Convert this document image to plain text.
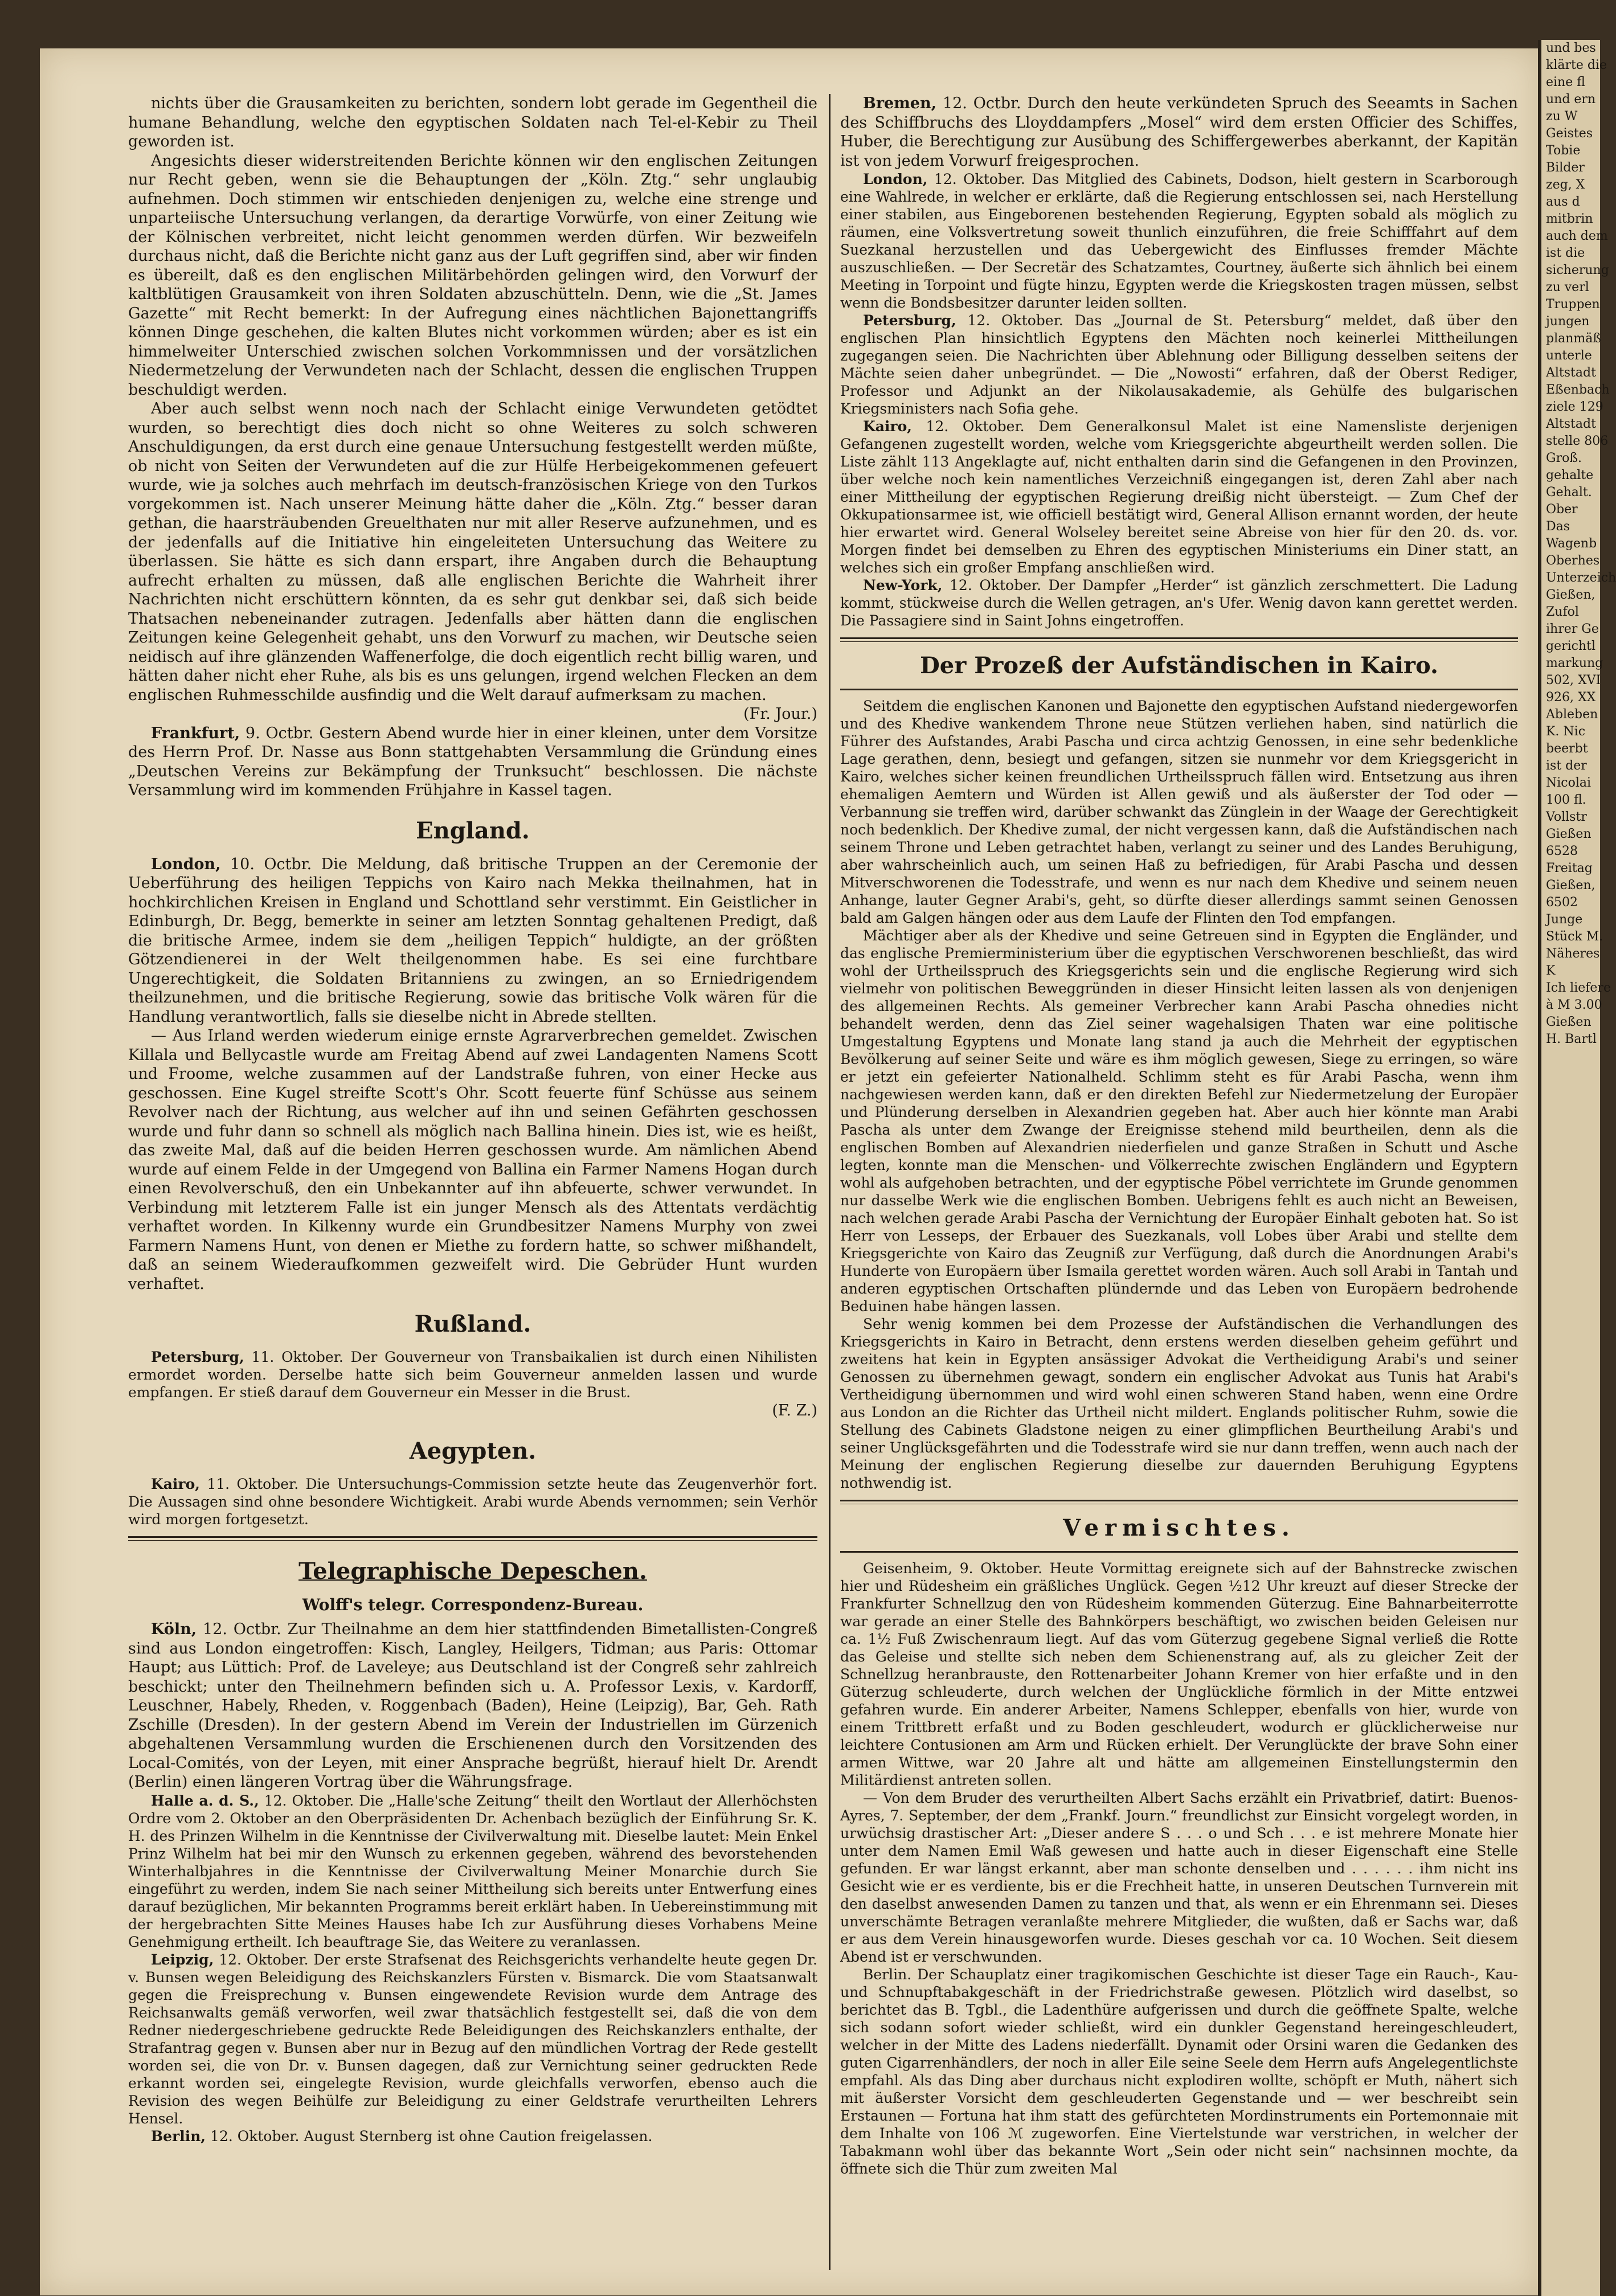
und bes
klärte die
eine fl
und ern
zu W
Geistes
Tobie
Bilder
zeg, X
aus d
mitbrin
auch dem
ist die
sicherung
zu verl
Truppen
jungen
planmäß
unterle
Altstadt
Eßenbach
ziele 129
Altstadt
stelle 806
Groß.
gehalte
Gehalt.
Ober
Das
Wagenb
Oberhes
Unterzeich
Gießen,
Zufol
ihrer Ge
gerichtl
markung
502, XVI
926, XX
Ableben
K. Nic
beerbt
ist der
Nicolai
100 fl.
Vollstr
Gießen
6528
Freitag
Gießen,
6502
Junge
Stück M.
Näheres
K
Ich liefere
à M 3.00
Gießen
H. Bartl

nichts über die Grausamkeiten zu berichten, sondern lobt gerade im Gegentheil die humane Behandlung, welche den egyptischen Soldaten nach Tel-el-Kebir zu Theil geworden ist.

Angesichts dieser widerstreitenden Berichte können wir den englischen Zeitungen nur Recht geben, wenn sie die Behauptungen der „Köln. Ztg.“ sehr unglaubig aufnehmen. Doch stimmen wir entschieden denjenigen zu, welche eine strenge und unparteiische Untersuchung verlangen, da derartige Vorwürfe, von einer Zeitung wie der Kölnischen verbreitet, nicht leicht genommen werden dürfen. Wir bezweifeln durchaus nicht, daß die Berichte nicht ganz aus der Luft gegriffen sind, aber wir finden es übereilt, daß es den englischen Militärbehörden gelingen wird, den Vorwurf der kaltblütigen Grausamkeit von ihren Soldaten abzuschütteln. Denn, wie die „St. James Gazette“ mit Recht bemerkt: In der Aufregung eines nächtlichen Bajonettangriffs können Dinge geschehen, die kalten Blutes nicht vorkommen würden; aber es ist ein himmelweiter Unterschied zwischen solchen Vorkommnissen und der vorsätzlichen Niedermetzelung der Verwundeten nach der Schlacht, dessen die englischen Truppen beschuldigt werden.

Aber auch selbst wenn noch nach der Schlacht einige Verwundeten getödtet wurden, so berechtigt dies doch nicht so ohne Weiteres zu solch schweren Anschuldigungen, da erst durch eine genaue Untersuchung festgestellt werden müßte, ob nicht von Seiten der Verwundeten auf die zur Hülfe Herbeigekommenen gefeuert wurde, wie ja solches auch mehrfach im deutsch-französischen Kriege von den Turkos vorgekommen ist. Nach unserer Meinung hätte daher die „Köln. Ztg.“ besser daran gethan, die haarsträubenden Greuelthaten nur mit aller Reserve aufzunehmen, und es der jedenfalls auf die Initiative hin eingeleiteten Untersuchung das Weitere zu überlassen. Sie hätte es sich dann erspart, ihre Angaben durch die Behauptung aufrecht erhalten zu müssen, daß alle englischen Berichte die Wahrheit ihrer Nachrichten nicht erschüttern könnten, da es sehr gut denkbar sei, daß sich beide Thatsachen nebeneinander zutragen. Jedenfalls aber hätten dann die englischen Zeitungen keine Gelegenheit gehabt, uns den Vorwurf zu machen, wir Deutsche seien neidisch auf ihre glänzenden Waffenerfolge, die doch eigentlich recht billig waren, und hätten daher nicht eher Ruhe, als bis es uns gelungen, irgend welchen Flecken an dem englischen Ruhmesschilde ausfindig und die Welt darauf aufmerksam zu machen.

(Fr. Jour.)

Frankfurt, 9. Octbr. Gestern Abend wurde hier in einer kleinen, unter dem Vorsitze des Herrn Prof. Dr. Nasse aus Bonn stattgehabten Versammlung die Gründung eines „Deutschen Vereins zur Bekämpfung der Trunksucht“ beschlossen. Die nächste Versammlung wird im kommenden Frühjahre in Kassel tagen.

England.

London, 10. Octbr. Die Meldung, daß britische Truppen an der Ceremonie der Ueberführung des heiligen Teppichs von Kairo nach Mekka theilnahmen, hat in hochkirchlichen Kreisen in England und Schottland sehr verstimmt. Ein Geistlicher in Edinburgh, Dr. Begg, bemerkte in seiner am letzten Sonntag gehaltenen Predigt, daß die britische Armee, indem sie dem „heiligen Teppich“ huldigte, an der größten Götzendienerei in der Welt theilgenommen habe. Es sei eine furchtbare Ungerechtigkeit, die Soldaten Britanniens zu zwingen, an so Erniedrigendem theilzunehmen, und die britische Regierung, sowie das britische Volk wären für die Handlung verantwortlich, falls sie dieselbe nicht in Abrede stellten.

— Aus Irland werden wiederum einige ernste Agrarverbrechen gemeldet. Zwischen Killala und Bellycastle wurde am Freitag Abend auf zwei Landagenten Namens Scott und Froome, welche zusammen auf der Landstraße fuhren, von einer Hecke aus geschossen. Eine Kugel streifte Scott's Ohr. Scott feuerte fünf Schüsse aus seinem Revolver nach der Richtung, aus welcher auf ihn und seinen Gefährten geschossen wurde und fuhr dann so schnell als möglich nach Ballina hinein. Dies ist, wie es heißt, das zweite Mal, daß auf die beiden Herren geschossen wurde. Am nämlichen Abend wurde auf einem Felde in der Umgegend von Ballina ein Farmer Namens Hogan durch einen Revolverschuß, den ein Unbekannter auf ihn abfeuerte, schwer verwundet. In Verbindung mit letzterem Falle ist ein junger Mensch als des Attentats verdächtig verhaftet worden. In Kilkenny wurde ein Grundbesitzer Namens Murphy von zwei Farmern Namens Hunt, von denen er Miethe zu fordern hatte, so schwer mißhandelt, daß an seinem Wiederaufkommen gezweifelt wird. Die Gebrüder Hunt wurden verhaftet.

Rußland.

Petersburg, 11. Oktober. Der Gouverneur von Transbaikalien ist durch einen Nihilisten ermordet worden. Derselbe hatte sich beim Gouverneur anmelden lassen und wurde empfangen. Er stieß darauf dem Gouverneur ein Messer in die Brust.

(F. Z.)
Aegypten.

Kairo, 11. Oktober. Die Untersuchungs-Commission setzte heute das Zeugenverhör fort. Die Aussagen sind ohne besondere Wichtigkeit. Arabi wurde Abends vernommen; sein Verhör wird morgen fortgesetzt.

Telegraphische Depeschen.
Wolff's telegr. Correspondenz-Bureau.

Köln, 12. Octbr. Zur Theilnahme an dem hier stattfindenden Bimetallisten-Congreß sind aus London eingetroffen: Kisch, Langley, Heilgers, Tidman; aus Paris: Ottomar Haupt; aus Lüttich: Prof. de Laveleye; aus Deutschland ist der Congreß sehr zahlreich beschickt; unter den Theilnehmern befinden sich u. A. Professor Lexis, v. Kardorff, Leuschner, Habely, Rheden, v. Roggenbach (Baden), Heine (Leipzig), Bar, Geh. Rath Zschille (Dresden). In der gestern Abend im Verein der Industriellen im Gürzenich abgehaltenen Versammlung wurden die Erschienenen durch den Vorsitzenden des Local-Comités, von der Leyen, mit einer Ansprache begrüßt, hierauf hielt Dr. Arendt (Berlin) einen längeren Vortrag über die Währungsfrage.

Halle a. d. S., 12. Oktober. Die „Halle'sche Zeitung“ theilt den Wortlaut der Allerhöchsten Ordre vom 2. Oktober an den Oberpräsidenten Dr. Achenbach bezüglich der Einführung Sr. K. H. des Prinzen Wilhelm in die Kenntnisse der Civilverwaltung mit. Dieselbe lautet: Mein Enkel Prinz Wilhelm hat bei mir den Wunsch zu erkennen gegeben, während des bevorstehenden Winterhalbjahres in die Kenntnisse der Civilverwaltung Meiner Monarchie durch Sie eingeführt zu werden, indem Sie nach seiner Mittheilung sich bereits unter Entwerfung eines darauf bezüglichen, Mir bekannten Programms bereit erklärt haben. In Uebereinstimmung mit der hergebrachten Sitte Meines Hauses habe Ich zur Ausführung dieses Vorhabens Meine Genehmigung ertheilt. Ich beauftrage Sie, das Weitere zu veranlassen.

Leipzig, 12. Oktober. Der erste Strafsenat des Reichsgerichts verhandelte heute gegen Dr. v. Bunsen wegen Beleidigung des Reichskanzlers Fürsten v. Bismarck. Die vom Staatsanwalt gegen die Freisprechung v. Bunsen eingewendete Revision wurde dem Antrage des Reichsanwalts gemäß verworfen, weil zwar thatsächlich festgestellt sei, daß die von dem Redner niedergeschriebene gedruckte Rede Beleidigungen des Reichskanzlers enthalte, der Strafantrag gegen v. Bunsen aber nur in Bezug auf den mündlichen Vortrag der Rede gestellt worden sei, die von Dr. v. Bunsen dagegen, daß zur Vernichtung seiner gedruckten Rede erkannt worden sei, eingelegte Revision, wurde gleichfalls verworfen, ebenso auch die Revision des wegen Beihülfe zur Beleidigung zu einer Geldstrafe verurtheilten Lehrers Hensel.

Berlin, 12. Oktober. August Sternberg ist ohne Caution freigelassen.

Bremen, 12. Octbr. Durch den heute verkündeten Spruch des Seeamts in Sachen des Schiffbruchs des Lloyddampfers „Mosel“ wird dem ersten Officier des Schiffes, Huber, die Berechtigung zur Ausübung des Schiffergewerbes aberkannt, der Kapitän ist von jedem Vorwurf freigesprochen.

London, 12. Oktober. Das Mitglied des Cabinets, Dodson, hielt gestern in Scarborough eine Wahlrede, in welcher er erklärte, daß die Regierung entschlossen sei, nach Herstellung einer stabilen, aus Eingeborenen bestehenden Regierung, Egypten sobald als möglich zu räumen, eine Volksvertretung soweit thunlich einzuführen, die freie Schifffahrt auf dem Suezkanal herzustellen und das Uebergewicht des Einflusses fremder Mächte auszuschließen. — Der Secretär des Schatzamtes, Courtney, äußerte sich ähnlich bei einem Meeting in Torpoint und fügte hinzu, Egypten werde die Kriegskosten tragen müssen, selbst wenn die Bondsbesitzer darunter leiden sollten.

Petersburg, 12. Oktober. Das „Journal de St. Petersburg“ meldet, daß über den englischen Plan hinsichtlich Egyptens den Mächten noch keinerlei Mittheilungen zugegangen seien. Die Nachrichten über Ablehnung oder Billigung desselben seitens der Mächte seien daher unbegründet. — Die „Nowosti“ erfahren, daß der Oberst Rediger, Professor und Adjunkt an der Nikolausakademie, als Gehülfe des bulgarischen Kriegsministers nach Sofia gehe.

Kairo, 12. Oktober. Dem Generalkonsul Malet ist eine Namensliste derjenigen Gefangenen zugestellt worden, welche vom Kriegsgerichte abgeurtheilt werden sollen. Die Liste zählt 113 Angeklagte auf, nicht enthalten darin sind die Gefangenen in den Provinzen, über welche noch kein namentliches Verzeichniß eingegangen ist, deren Zahl aber nach einer Mittheilung der egyptischen Regierung dreißig nicht übersteigt. — Zum Chef der Okkupationsarmee ist, wie officiell bestätigt wird, General Allison ernannt worden, der heute hier erwartet wird. General Wolseley bereitet seine Abreise von hier für den 20. ds. vor. Morgen findet bei demselben zu Ehren des egyptischen Ministeriums ein Diner statt, an welches sich ein großer Empfang anschließen wird.

New-York, 12. Oktober. Der Dampfer „Herder“ ist gänzlich zerschmettert. Die Ladung kommt, stückweise durch die Wellen getragen, an's Ufer. Wenig davon kann gerettet werden. Die Passagiere sind in Saint Johns eingetroffen.

Der Prozeß der Aufständischen in Kairo.

Seitdem die englischen Kanonen und Bajonette den egyptischen Aufstand niedergeworfen und des Khedive wankendem Throne neue Stützen verliehen haben, sind natürlich die Führer des Aufstandes, Arabi Pascha und circa achtzig Genossen, in eine sehr bedenkliche Lage gerathen, denn, besiegt und gefangen, sitzen sie nunmehr vor dem Kriegsgericht in Kairo, welches sicher keinen freundlichen Urtheilsspruch fällen wird. Entsetzung aus ihren ehemaligen Aemtern und Würden ist Allen gewiß und als äußerster der Tod oder — Verbannung sie treffen wird, darüber schwankt das Zünglein in der Waage der Gerechtigkeit noch bedenklich. Der Khedive zumal, der nicht vergessen kann, daß die Aufständischen nach seinem Throne und Leben getrachtet haben, verlangt zu seiner und des Landes Beruhigung, aber wahrscheinlich auch, um seinen Haß zu befriedigen, für Arabi Pascha und dessen Mitverschworenen die Todesstrafe, und wenn es nur nach dem Khedive und seinem neuen Anhange, lauter Gegner Arabi's, geht, so dürfte dieser allerdings sammt seinen Genossen bald am Galgen hängen oder aus dem Laufe der Flinten den Tod empfangen.

Mächtiger aber als der Khedive und seine Getreuen sind in Egypten die Engländer, und das englische Premierministerium über die egyptischen Verschworenen beschließt, das wird wohl der Urtheilsspruch des Kriegsgerichts sein und die englische Regierung wird sich vielmehr von politischen Beweggründen in dieser Hinsicht leiten lassen als von denjenigen des allgemeinen Rechts. Als gemeiner Verbrecher kann Arabi Pascha ohnedies nicht behandelt werden, denn das Ziel seiner wagehalsigen Thaten war eine politische Umgestaltung Egyptens und Monate lang stand ja auch die Mehrheit der egyptischen Bevölkerung auf seiner Seite und wäre es ihm möglich gewesen, Siege zu erringen, so wäre er jetzt ein gefeierter Nationalheld. Schlimm steht es für Arabi Pascha, wenn ihm nachgewiesen werden kann, daß er den direkten Befehl zur Niedermetzelung der Europäer und Plünderung derselben in Alexandrien gegeben hat. Aber auch hier könnte man Arabi Pascha als unter dem Zwange der Ereignisse stehend mild beurtheilen, denn als die englischen Bomben auf Alexandrien niederfielen und ganze Straßen in Schutt und Asche legten, konnte man die Menschen- und Völkerrechte zwischen Engländern und Egyptern wohl als aufgehoben betrachten, und der egyptische Pöbel verrichtete im Grunde genommen nur dasselbe Werk wie die englischen Bomben. Uebrigens fehlt es auch nicht an Beweisen, nach welchen gerade Arabi Pascha der Vernichtung der Europäer Einhalt geboten hat. So ist Herr von Lesseps, der Erbauer des Suezkanals, voll Lobes über Arabi und stellte dem Kriegsgerichte von Kairo das Zeugniß zur Verfügung, daß durch die Anordnungen Arabi's Hunderte von Europäern über Ismaila gerettet worden wären. Auch soll Arabi in Tantah und anderen egyptischen Ortschaften plündernde und das Leben von Europäern bedrohende Beduinen habe hängen lassen.

Sehr wenig kommen bei dem Prozesse der Aufständischen die Verhandlungen des Kriegsgerichts in Kairo in Betracht, denn erstens werden dieselben geheim geführt und zweitens hat kein in Egypten ansässiger Advokat die Vertheidigung Arabi's und seiner Genossen zu übernehmen gewagt, sondern ein englischer Advokat aus Tunis hat Arabi's Vertheidigung übernommen und wird wohl einen schweren Stand haben, wenn eine Ordre aus London an die Richter das Urtheil nicht mildert. Englands politischer Ruhm, sowie die Stellung des Cabinets Gladstone neigen zu einer glimpflichen Beurtheilung Arabi's und seiner Unglücksgefährten und die Todesstrafe wird sie nur dann treffen, wenn auch nach der Meinung der englischen Regierung dieselbe zur dauernden Beruhigung Egyptens nothwendig ist.

Vermischtes.

Geisenheim, 9. Oktober. Heute Vormittag ereignete sich auf der Bahnstrecke zwischen hier und Rüdesheim ein gräßliches Unglück. Gegen ½12 Uhr kreuzt auf dieser Strecke der Frankfurter Schnellzug den von Rüdesheim kommenden Güterzug. Eine Bahnarbeiterrotte war gerade an einer Stelle des Bahnkörpers beschäftigt, wo zwischen beiden Geleisen nur ca. 1½ Fuß Zwischenraum liegt. Auf das vom Güterzug gegebene Signal verließ die Rotte das Geleise und stellte sich neben dem Schienenstrang auf, als zu gleicher Zeit der Schnellzug heranbrauste, den Rottenarbeiter Johann Kremer von hier erfaßte und in den Güterzug schleuderte, durch welchen der Unglückliche förmlich in der Mitte entzwei gefahren wurde. Ein anderer Arbeiter, Namens Schlepper, ebenfalls von hier, wurde von einem Trittbrett erfaßt und zu Boden geschleudert, wodurch er glücklicherweise nur leichtere Contusionen am Arm und Rücken erhielt. Der Verunglückte der brave Sohn einer armen Wittwe, war 20 Jahre alt und hätte am allgemeinen Einstellungstermin den Militärdienst antreten sollen.

— Von dem Bruder des verurtheilten Albert Sachs erzählt ein Privatbrief, datirt: Buenos-Ayres, 7. September, der dem „Frankf. Journ.“ freundlichst zur Einsicht vorgelegt worden, in urwüchsig drastischer Art: „Dieser andere S . . . o und Sch . . . e ist mehrere Monate hier unter dem Namen Emil Waß gewesen und hatte auch in dieser Eigenschaft eine Stelle gefunden. Er war längst erkannt, aber man schonte denselben und . . . . . . ihm nicht ins Gesicht wie er es verdiente, bis er die Frechheit hatte, in unseren Deutschen Turnverein mit den daselbst anwesenden Damen zu tanzen und that, als wenn er ein Ehrenmann sei. Dieses unverschämte Betragen veranlaßte mehrere Mitglieder, die wußten, daß er Sachs war, daß er aus dem Verein hinausgeworfen wurde. Dieses geschah vor ca. 10 Wochen. Seit diesem Abend ist er verschwunden.

Berlin. Der Schauplatz einer tragikomischen Geschichte ist dieser Tage ein Rauch-, Kau- und Schnupftabakgeschäft in der Friedrichstraße gewesen. Plötzlich wird daselbst, so berichtet das B. Tgbl., die Ladenthüre aufgerissen und durch die geöffnete Spalte, welche sich sodann sofort wieder schließt, wird ein dunkler Gegenstand hereingeschleudert, welcher in der Mitte des Ladens niederfällt. Dynamit oder Orsini waren die Gedanken des guten Cigarrenhändlers, der noch in aller Eile seine Seele dem Herrn aufs Angelegentlichste empfahl. Als das Ding aber durchaus nicht explodiren wollte, schöpft er Muth, nähert sich mit äußerster Vorsicht dem geschleuderten Gegenstande und — wer beschreibt sein Erstaunen — Fortuna hat ihm statt des gefürchteten Mordinstruments ein Portemonnaie mit dem Inhalte von 106 ℳ zugeworfen. Eine Viertelstunde war verstrichen, in welcher der Tabakmann wohl über das bekannte Wort „Sein oder nicht sein“ nachsinnen mochte, da öffnete sich die Thür zum zweiten Mal
